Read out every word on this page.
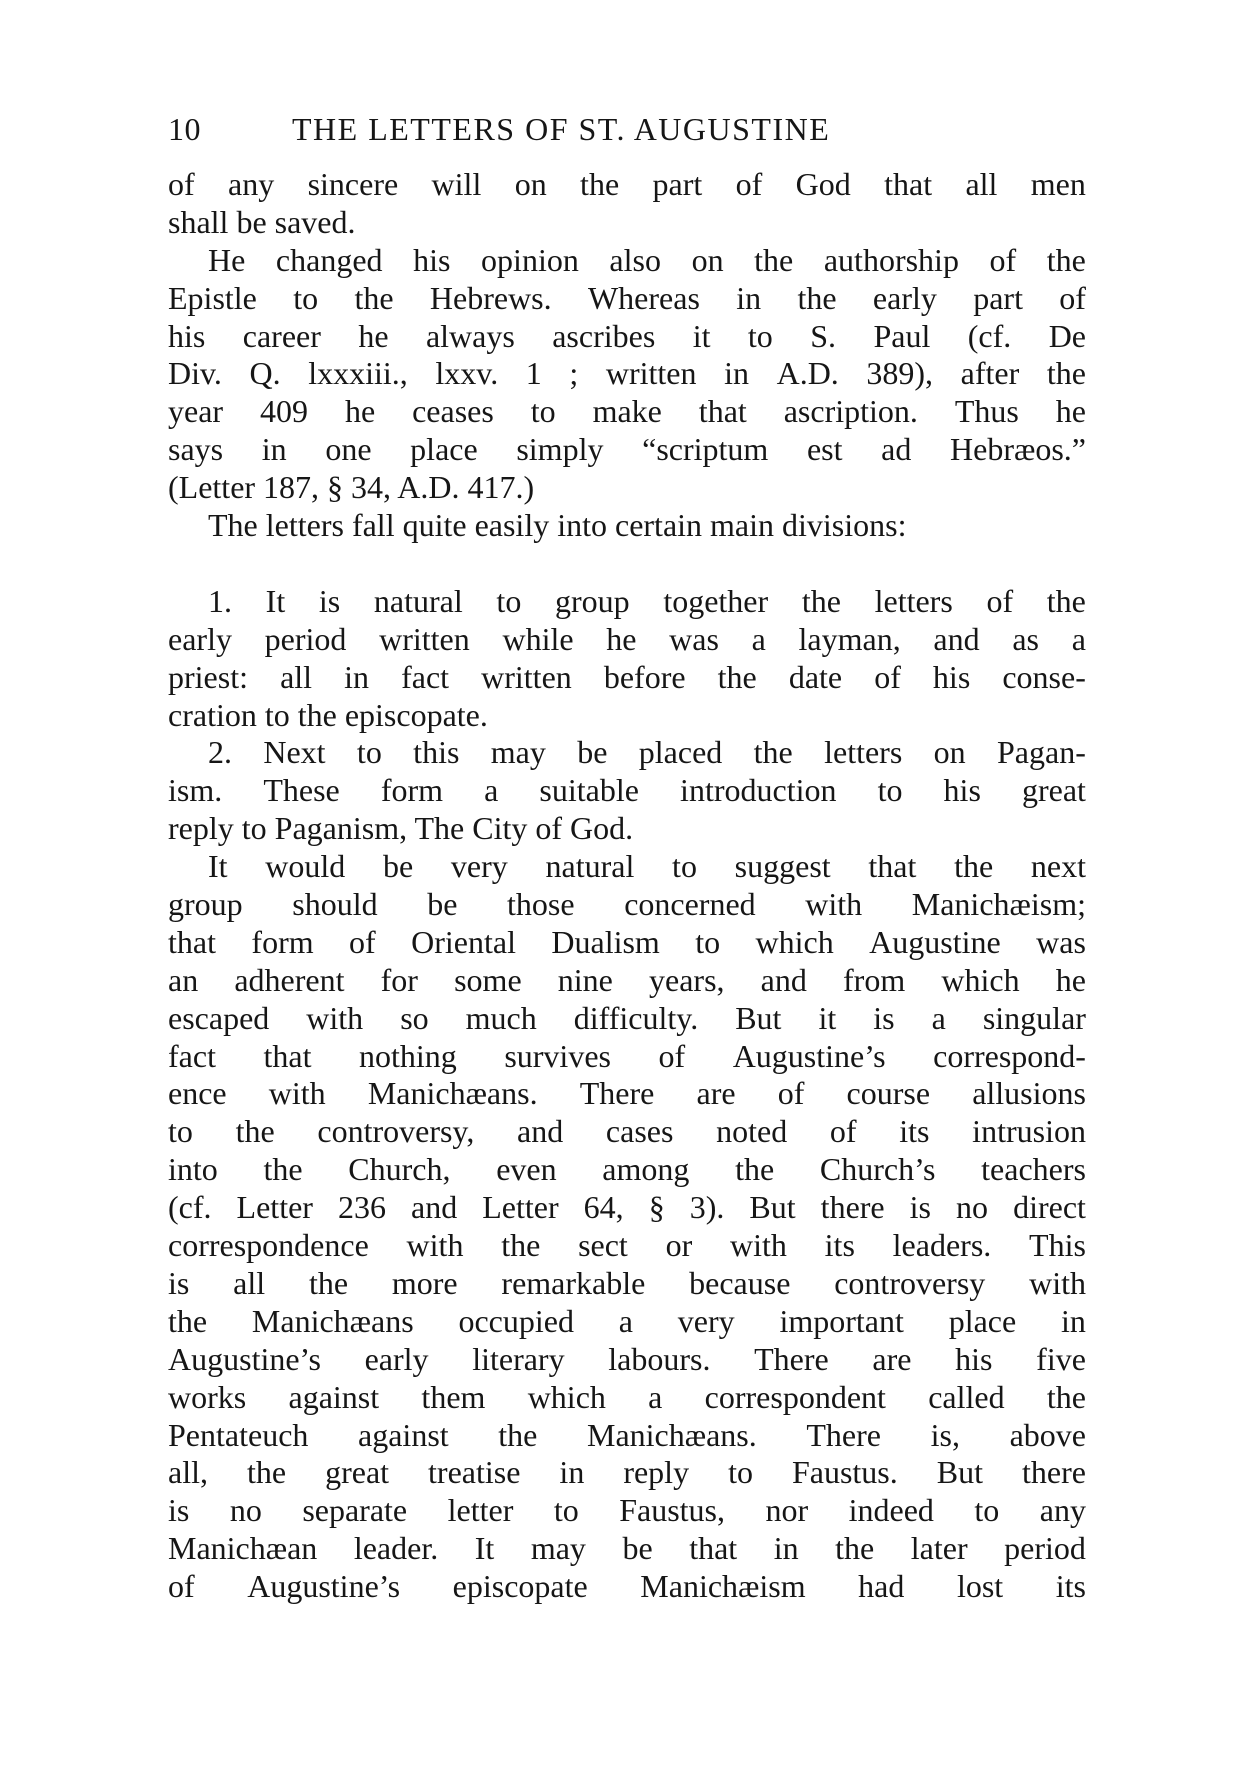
10	THE LETTERS OF ST. AUGUSTINE
of any sincere will on the part of God that all men
shall be saved.
He changed his opinion also on the authorship of the
Epistle to the Hebrews. Whereas in the early part of
his career he always ascribes it to S. Paul (cf. De
Div. Q. lxxxiii., lxxv. 1 ; written in A.D. 389), after the
year 409 he ceases to make that ascription. Thus he
says in one place simply “scriptum est ad Hebræos.”
(Letter 187, § 34, A.D. 417.)
The letters fall quite easily into certain main divisions:
1. It is natural to group together the letters of the
early period written while he was a layman, and as a
priest: all in fact written before the date of his conse-
cration to the episcopate.
2. Next to this may be placed the letters on Pagan-
ism. These form a suitable introduction to his great
reply to Paganism, The City of God.
It would be very natural to suggest that the next
group should be those concerned with Manichæism;
that form of Oriental Dualism to which Augustine was
an adherent for some nine years, and from which he
escaped with so much difficulty. But it is a singular
fact that nothing survives of Augustine’s correspond-
ence with Manichæans. There are of course allusions
to the controversy, and cases noted of its intrusion
into the Church, even among the Church’s teachers
(cf. Letter 236 and Letter 64, § 3). But there is no direct
correspondence with the sect or with its leaders. This
is all the more remarkable because controversy with
the Manichæans occupied a very important place in
Augustine’s early literary labours. There are his five
works against them which a correspondent called the
Pentateuch against the Manichæans. There is, above
all, the great treatise in reply to Faustus. But there
is no separate letter to Faustus, nor indeed to any
Manichæan leader. It may be that in the later period
of Augustine’s episcopate Manichæism had lost its
